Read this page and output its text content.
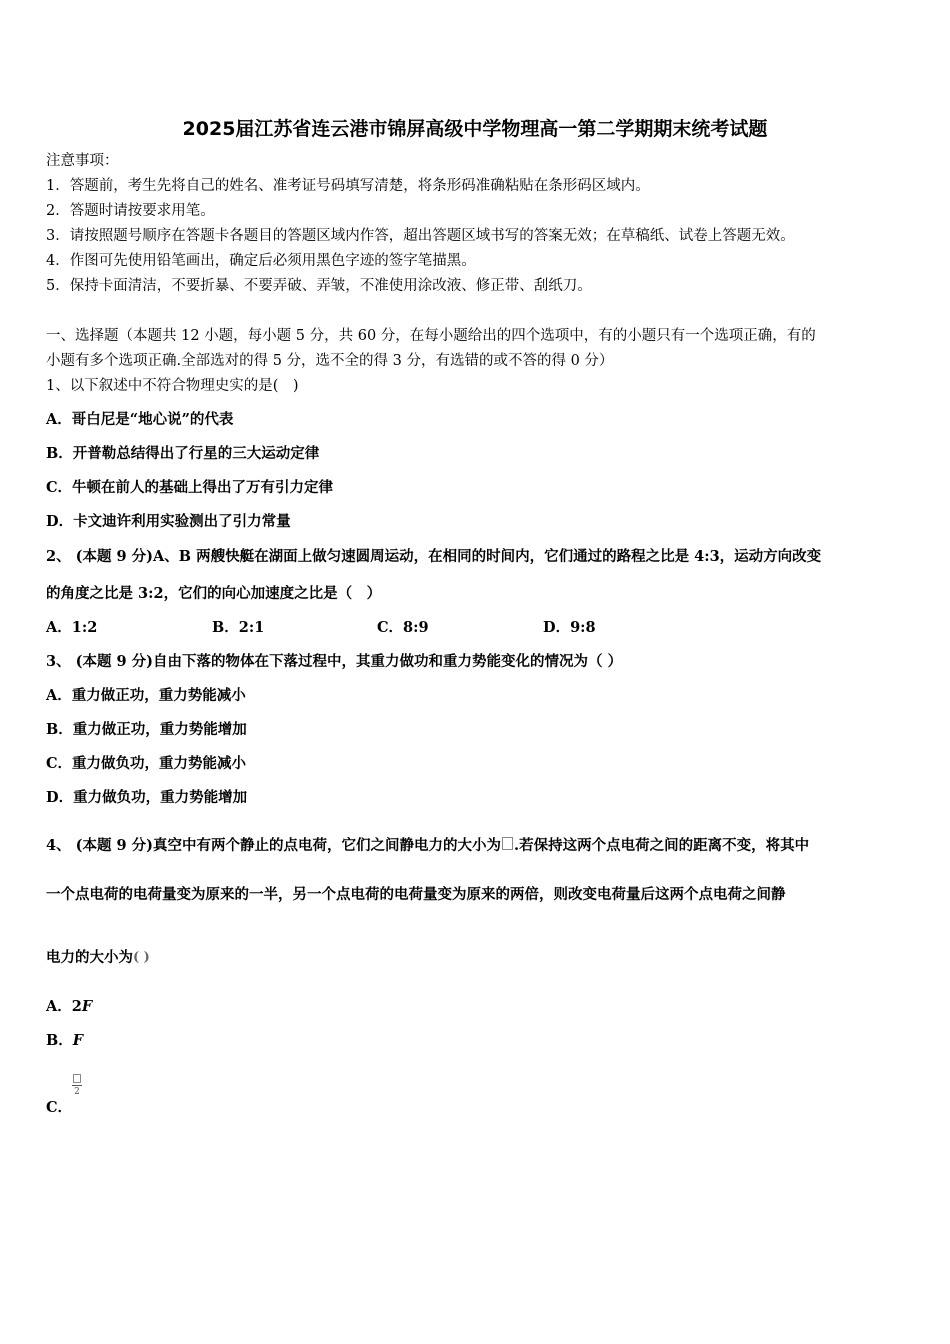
2025届江苏省连云港市锦屏高级中学物理高一第二学期期末统考试题
注意事项：
1．答题前，考生先将自己的姓名、准考证号码填写清楚，将条形码准确粘贴在条形码区域内。
2．答题时请按要求用笔。
3．请按照题号顺序在答题卡各题目的答题区域内作答，超出答题区域书写的答案无效；在草稿纸、试卷上答题无效。
4．作图可先使用铅笔画出，确定后必须用黑色字迹的签字笔描黑。
5．保持卡面清洁，不要折暴、不要弄破、弄皱，不准使用涂改液、修正带、刮纸刀。
一、选择题（本题共 12 小题，每小题 5 分，共 60 分，在每小题给出的四个选项中，有的小题只有一个选项正确，有的
小题有多个选项正确.全部选对的得 5 分，选不全的得 3 分，有选错的或不答的得 0 分）
1、以下叙述中不符合物理史实的是(　)
A．哥白尼是“地心说”的代表
B．开普勒总结得出了行星的三大运动定律
C．牛顿在前人的基础上得出了万有引力定律
D．卡文迪许利用实验测出了引力常量
2、 (本题 9 分)A、B 两艘快艇在湖面上做匀速圆周运动，在相同的时间内，它们通过的路程之比是 4:3，运动方向改变
的角度之比是 3:2，它们的向心加速度之比是（　）
A．1:2	B．2:1	C．8:9	D．9:8
3、 (本题 9 分)自由下落的物体在下落过程中，其重力做功和重力势能变化的情况为（ ）
A．重力做正功，重力势能减小
B．重力做正功，重力势能增加
C．重力做负功，重力势能减小
D．重力做负功，重力势能增加
4、 (本题 9 分)真空中有两个静止的点电荷，它们之间静电力的大小为 .若保持这两个点电荷之间的距离不变，将其中
一个点电荷的电荷量变为原来的一半，另一个点电荷的电荷量变为原来的两倍，则改变电荷量后这两个点电荷之间静
电力的大小为( )
A．2F
B．F
2
C．
